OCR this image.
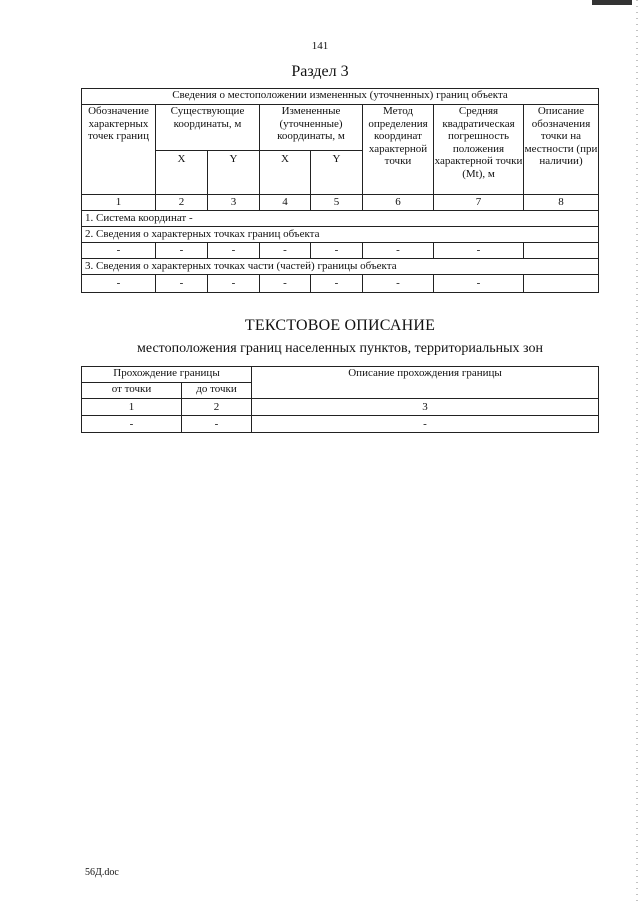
141
Раздел 3
Сведения о местоположении измененных (уточненных) границ объекта							
Обозначение характерных точек границ	Существующие координаты, м		Измененные (уточненные) координаты, м		Метод определения координат характерной точки	Средняя квадратическая погрешность положения характерной точки (Mt), м	Описание обозначения точки на местности (при наличии)
	X	Y	X	Y			
1	2	3	4	5	6	7	8
1. Система координат -							
2. Сведения о характерных точках границ объекта							
-	-	-	-	-	-	-	
3. Сведения о характерных точках части (частей) границы объекта							
-	-	-	-	-	-	-	
ТЕКСТОВОЕ ОПИСАНИЕ
местоположения границ населенных пунктов, территориальных зон
Прохождение границы		Описание прохождения границы
от точки	до точки	
1	2	3
-	-	-
56Д.doc
